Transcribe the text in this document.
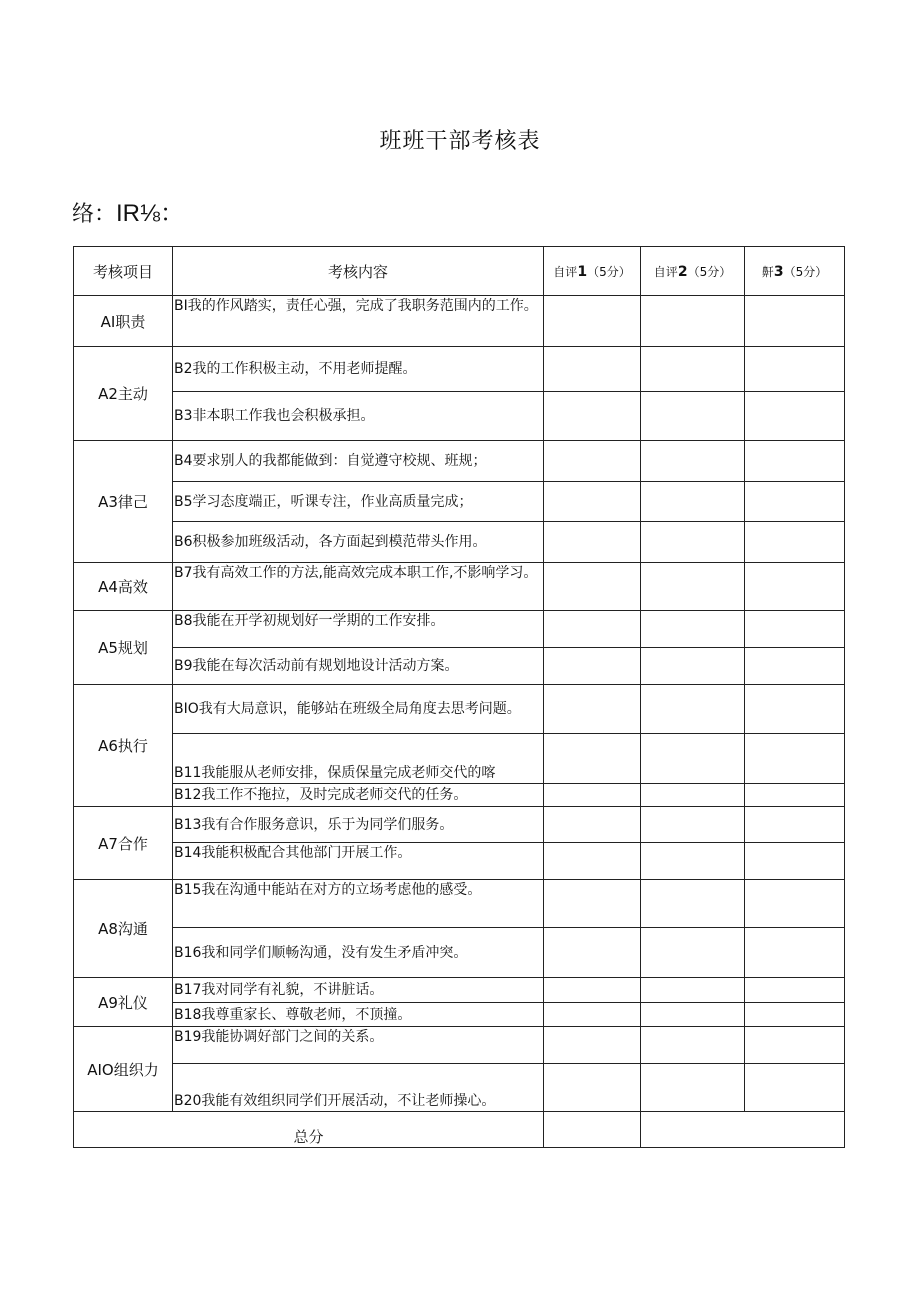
班班干部考核表
络：IR⅛：
考核项目	考核内容	自评1（5分）	自评2（5分）	鼾3（5分）
AI职责	BI我的作风踏实，责任心强，完成了我职务范围内的工作。			
A2主动	B2我的工作积极主动，不用老师提醒。			
	B3非本职工作我也会积极承担。			
A3律己	B4要求别人的我都能做到：自觉遵守校规、班规；			
	B5学习态度端正，听课专注，作业高质量完成；			
	B6积极参加班级活动，各方面起到模范带头作用。			
A4高效	B7我有高效工作的方法,能高效完成本职工作,不影响学习。			
A5规划	B8我能在开学初规划好一学期的工作安排。			
	B9我能在每次活动前有规划地设计活动方案。			
A6执行	BIO我有大局意识，能够站在班级全局角度去思考问题。			
	B11我能服从老师安排，保质保量完成老师交代的喀			
	B12我工作不拖拉，及时完成老师交代的任务。			
A7合作	B13我有合作服务意识，乐于为同学们服务。			
	B14我能积极配合其他部门开展工作。			
A8沟通	B15我在沟通中能站在对方的立场考虑他的感受。			
	B16我和同学们顺畅沟通，没有发生矛盾冲突。			
A9礼仪	B17我对同学有礼貌，不讲脏话。			
	B18我尊重家长、尊敬老师，不顶撞。			
AIO组织力	B19我能协调好部门之间的关系。			
	B20我能有效组织同学们开展活动，不让老师操心。			
总分				
